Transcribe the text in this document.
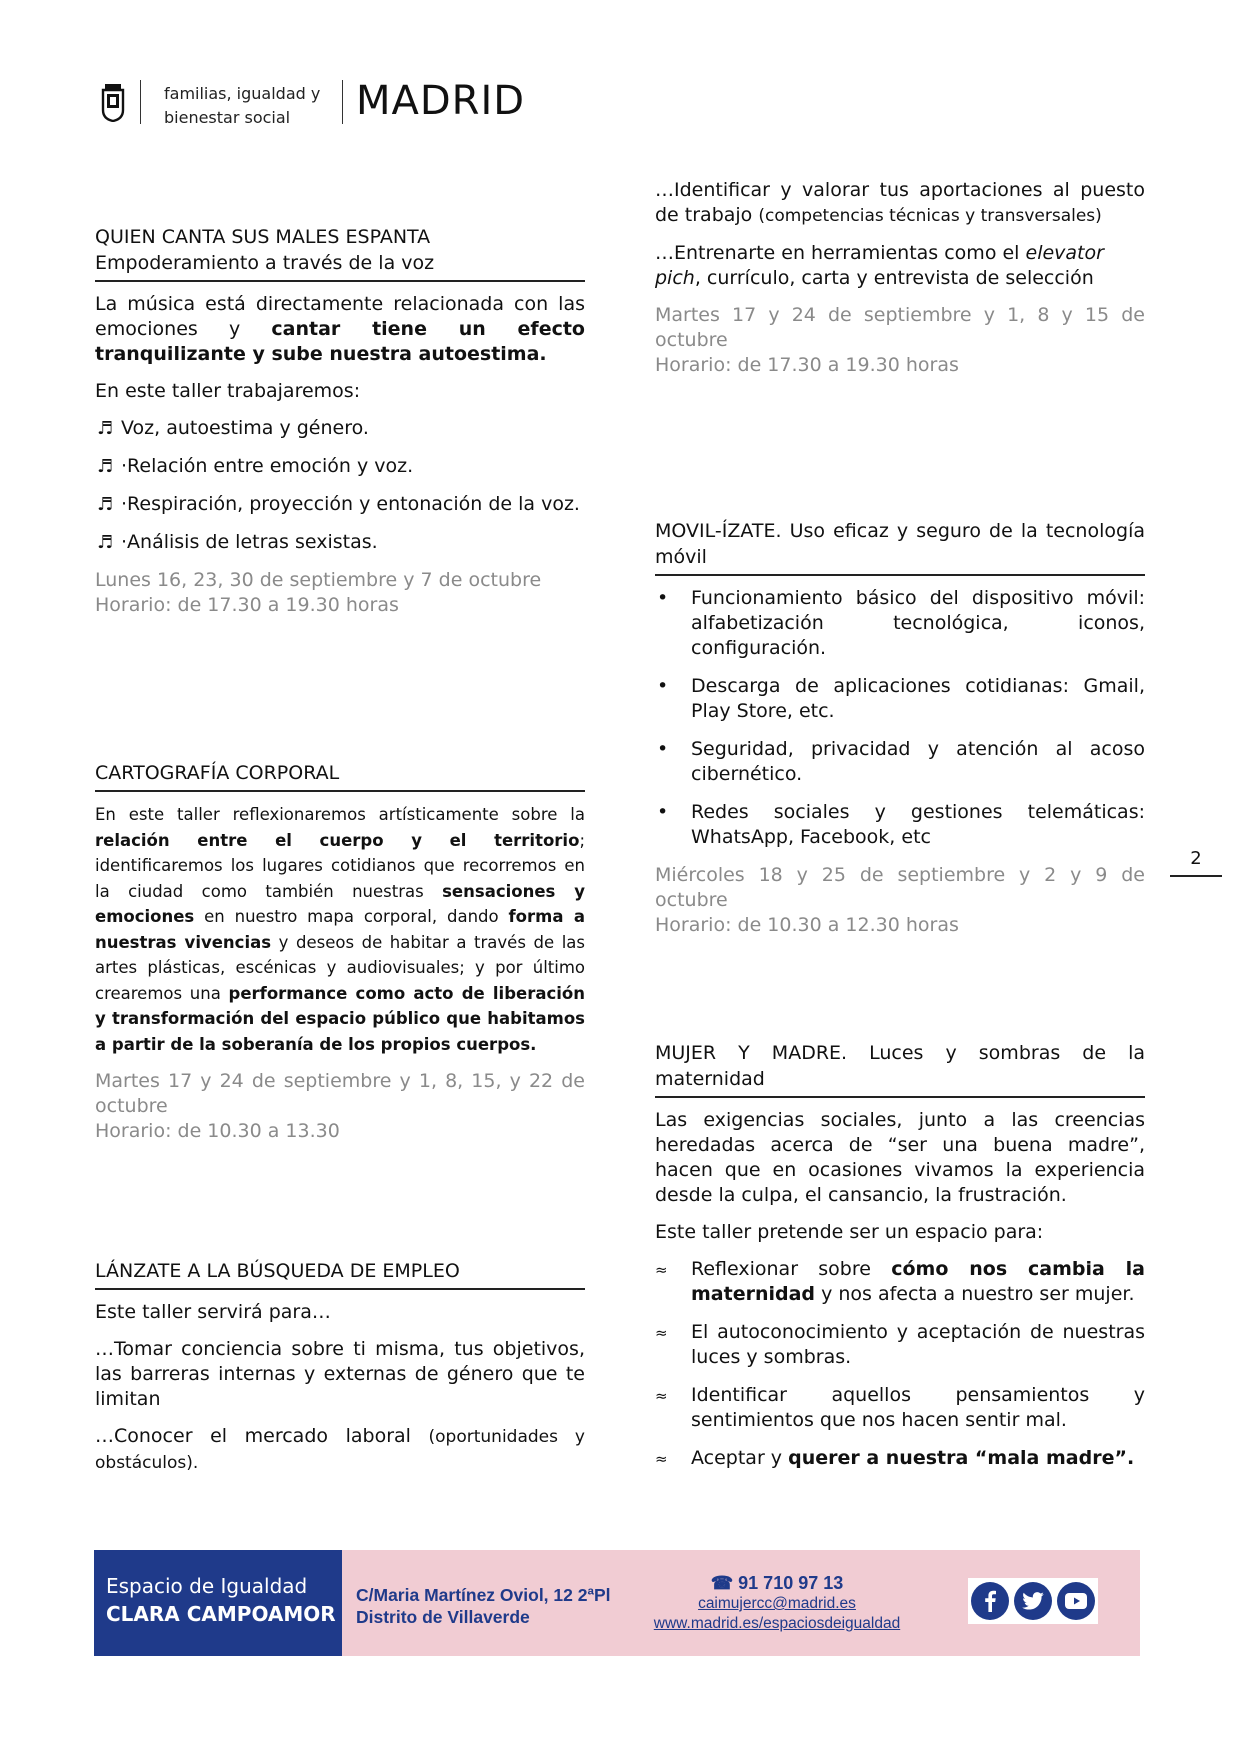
familias, igualdad y
bienestar social	MADRID
QUIEN CANTA SUS MALES ESPANTA
Empoderamiento a través de la voz

La música está directamente relacionada con las emociones y cantar tiene un efecto tranquilizante y sube nuestra autoestima.

En este taller trabajaremos:

♬ Voz, autoestima y género.
♬ ·Relación entre emoción y voz.
♬ ·Respiración, proyección y entonación de la voz.
♬ ·Análisis de letras sexistas.

Lunes 16, 23, 30 de septiembre y 7 de octubre

Horario: de 17.30 a 19.30 horas

CARTOGRAFÍA CORPORAL

En este taller reflexionaremos artísticamente sobre la relación entre el cuerpo y el territorio; identificaremos los lugares cotidianos que recorremos en la ciudad como también nuestras sensaciones y emociones en nuestro mapa corporal, dando forma a nuestras vivencias y deseos de habitar a través de las artes plásticas, escénicas y audiovisuales; y por último crearemos una performance como acto de liberación y transformación del espacio público que habitamos a partir de la soberanía de los propios cuerpos.

Martes 17 y 24 de septiembre y 1, 8, 15, y 22 de octubre

Horario: de 10.30 a 13.30

LÁNZATE A LA BÚSQUEDA DE EMPLEO

Este taller servirá para…

…Tomar conciencia sobre ti misma, tus objetivos, las barreras internas y externas de género que te limitan

…Conocer el mercado laboral (oportunidades y obstáculos).

…Identificar y valorar tus aportaciones al puesto de trabajo (competencias técnicas y transversales)

…Entrenarte en herramientas como el elevator pich, currículo, carta y entrevista de selección

Martes 17 y 24 de septiembre y 1, 8 y 15 de octubre

Horario: de 17.30 a 19.30 horas

MOVIL-ÍZATE. Uso eficaz y seguro de la tecnología móvil
• Funcionamiento básico del dispositivo móvil: alfabetización tecnológica, iconos, configuración.
• Descarga de aplicaciones cotidianas: Gmail, Play Store, etc.
• Seguridad, privacidad y atención al acoso cibernético.
• Redes sociales y gestiones telemáticas: WhatsApp, Facebook, etc

Miércoles 18 y 25 de septiembre y 2 y 9 de octubre

Horario: de 10.30 a 12.30 horas

MUJER Y MADRE. Luces y sombras de la maternidad

Las exigencias sociales, junto a las creencias heredadas acerca de “ser una buena madre”, hacen que en ocasiones vivamos la experiencia desde la culpa, el cansancio, la frustración.

Este taller pretende ser un espacio para:

≈ Reflexionar sobre cómo nos cambia la maternidad y nos afecta a nuestro ser mujer.
≈ El autoconocimiento y aceptación de nuestras luces y sombras.
≈ Identificar aquellos pensamientos y sentimientos que nos hacen sentir mal.
≈ Aceptar y querer a nuestra “mala madre”.
2
Espacio de Igualdad
CLARA CAMPOAMOR
C/Maria Martínez Oviol, 12 2ªPl
Distrito de Villaverde
☎ 91 710 97 13
caimujercc@madrid.es
www.madrid.es/espaciosdeigualdad
